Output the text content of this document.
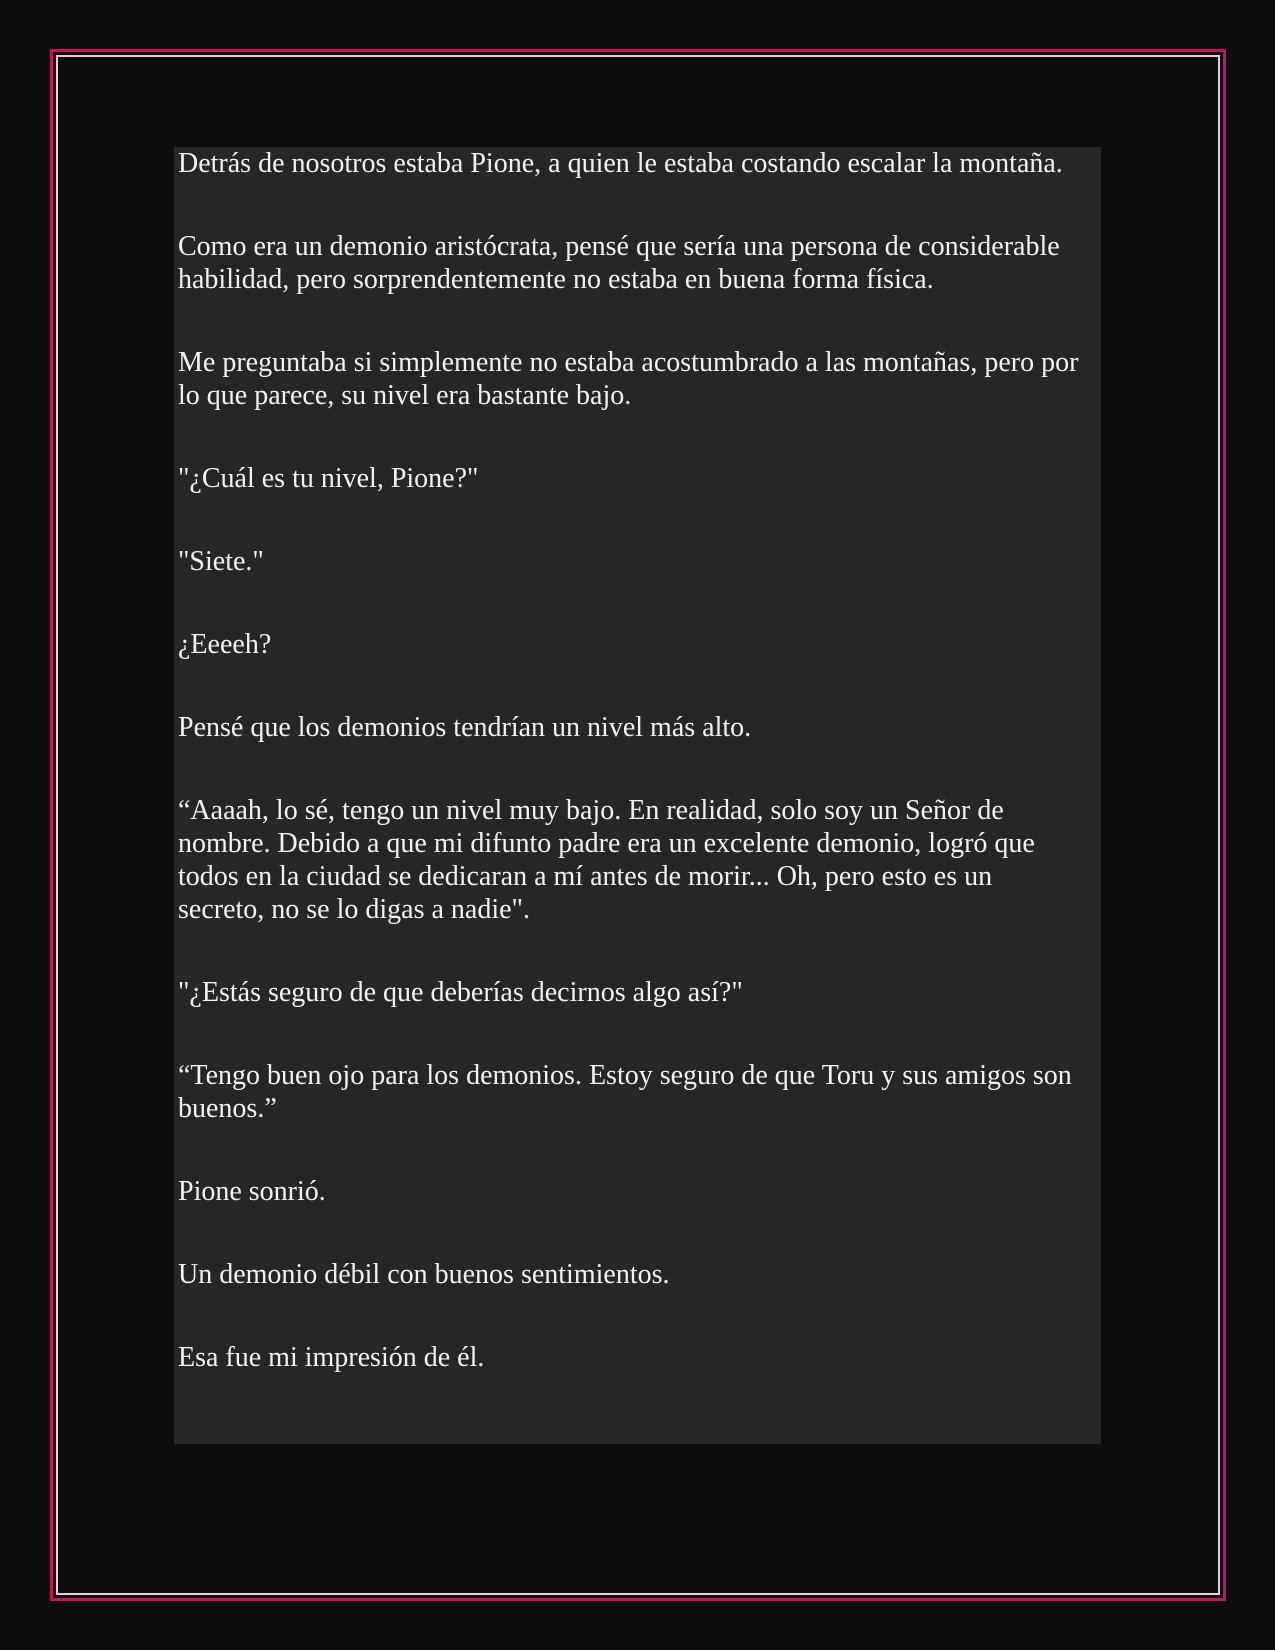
Detrás de nosotros estaba Pione, a quien le estaba costando escalar la montaña.

Como era un demonio aristócrata, pensé que sería una persona de considerable habilidad, pero sorprendentemente no estaba en buena forma física.

Me preguntaba si simplemente no estaba acostumbrado a las montañas, pero por lo que parece, su nivel era bastante bajo.

"¿Cuál es tu nivel, Pione?"

"Siete."

¿Eeeeh?

Pensé que los demonios tendrían un nivel más alto.

“Aaaah, lo sé, tengo un nivel muy bajo. En realidad, solo soy un Señor de nombre. Debido a que mi difunto padre era un excelente demonio, logró que todos en la ciudad se dedicaran a mí antes de morir... Oh, pero esto es un secreto, no se lo digas a nadie".

"¿Estás seguro de que deberías decirnos algo así?"

“Tengo buen ojo para los demonios. Estoy seguro de que Toru y sus amigos son buenos.”

Pione sonrió.

Un demonio débil con buenos sentimientos.

Esa fue mi impresión de él.
